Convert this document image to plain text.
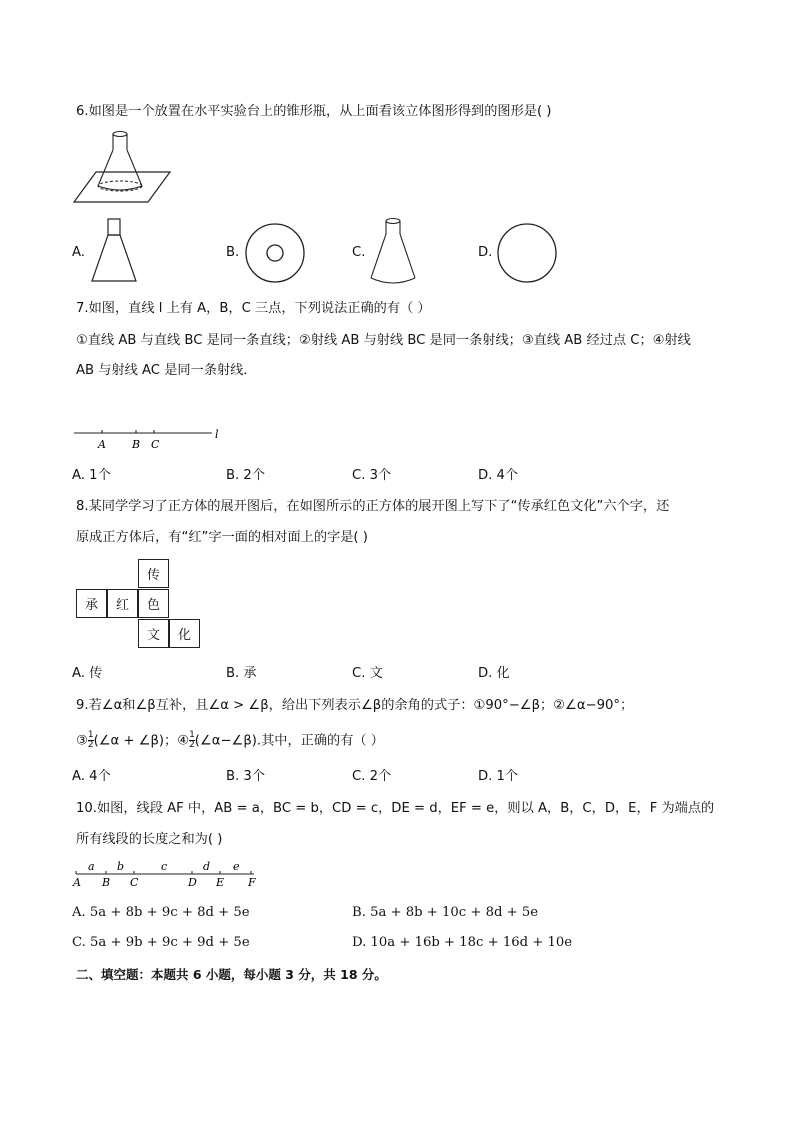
6.如图是一个放置在水平实验台上的锥形瓶，从上面看该立体图形得到的图形是( )
A.	B.	C.	D.
7.如图，直线 l 上有 A，B，C 三点，下列说法正确的有（ ）
①直线 AB 与直线 BC 是同一条直线；②射线 AB 与射线 BC 是同一条射线；③直线 AB 经过点 C；④射线
AB 与射线 AC 是同一条射线．
A B C
l
A. 1个	B. 2个	C. 3个	D. 4个
8.某同学学习了正方体的展开图后，在如图所示的正方体的展开图上写下了“传承红色文化”六个字，还
原成正方体后，有“红”字一面的相对面上的字是( )
传
承	红	色
文	化
A. 传	B. 承	C. 文	D. 化
9.若∠α和∠β互补，且∠α > ∠β，给出下列表示∠β的余角的式子：①90°−∠β；②∠α−90°；
③ $\frac{1}{2}$ (∠α + ∠β)；④ $\frac{1}{2}$ (∠α−∠β).其中，正确的有（ ）
A. 4个	B. 3个	C. 2个	D. 1个
10.如图，线段 AF 中，AB = a，BC = b，CD = c，DE = d，EF = e，则以 A，B，C，D，E，F 为端点的
所有线段的长度之和为( )
a b	c	d e
A B C	D E F
A. 5a + 8b + 9c + 8d + 5e	B. 5a + 8b + 10c + 8d + 5e
C. 5a + 9b + 9c + 9d + 5e	D. 10a + 16b + 18c + 16d + 10e
二、填空题：本题共 6 小题，每小题 3 分，共 18 分。
